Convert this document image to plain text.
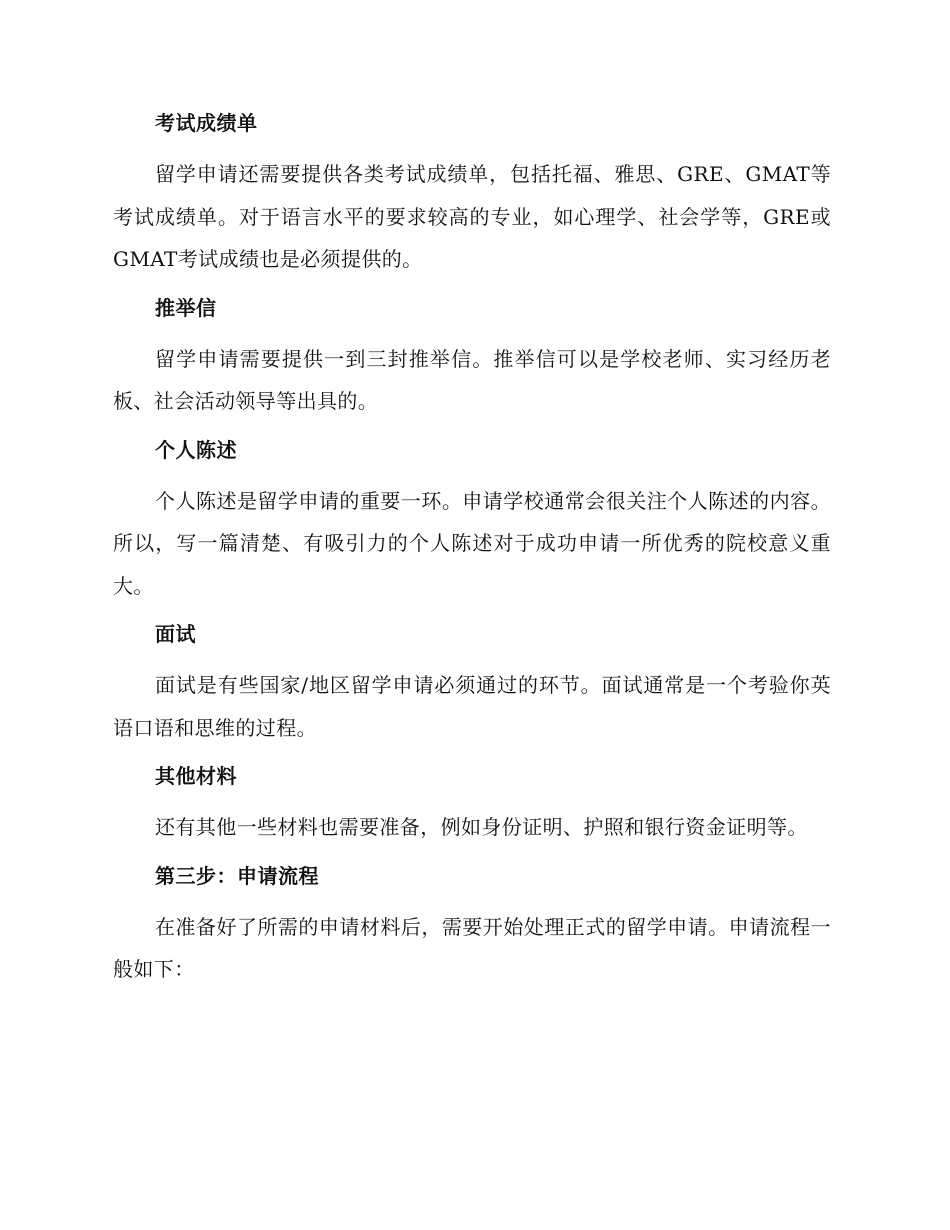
考试成绩单

留学申请还需要提供各类考试成绩单，包括托福、雅思、GRE、GMAT等考试成绩单。对于语言水平的要求较高的专业，如心理学、社会学等，GRE或GMAT考试成绩也是必须提供的。

推举信

留学申请需要提供一到三封推举信。推举信可以是学校老师、实习经历老板、社会活动领导等出具的。

个人陈述

个人陈述是留学申请的重要一环。申请学校通常会很关注个人陈述的内容。所以，写一篇清楚、有吸引力的个人陈述对于成功申请一所优秀的院校意义重大。

面试

面试是有些国家/地区留学申请必须通过的环节。面试通常是一个考验你英语口语和思维的过程。

其他材料

还有其他一些材料也需要准备，例如身份证明、护照和银行资金证明等。

第三步：申请流程

在准备好了所需的申请材料后，需要开始处理正式的留学申请。申请流程一般如下：
